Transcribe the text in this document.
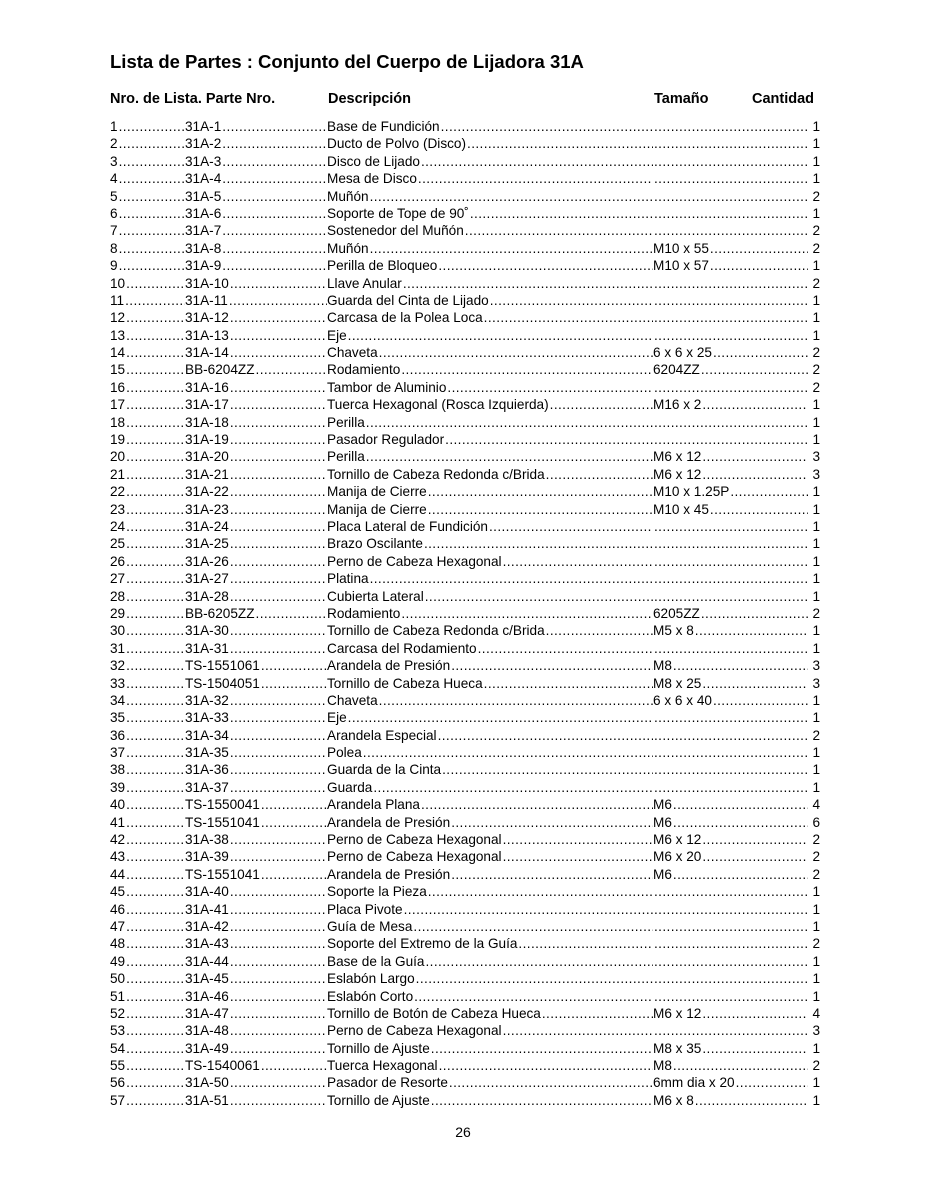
Lista de Partes : Conjunto del Cuerpo de Lijadora 31A
Nro. de Lista. Parte Nro.	Descripción	Tamaño	Cantidad
1 .....	31A-1 .....	Base de Fundición ..... .....	1
2 .....	31A-2 .....	Ducto de Polvo (Disco) ..... .....	1
3 .....	31A-3 .....	Disco de Lijado ..... .....	1
4 .....	31A-4 .....	Mesa de Disco ..... .....	1
5 .....	31A-5 .....	Muñón ..... .....	2
6 .....	31A-6 .....	Soporte de Tope de 90˚ ..... .....	1
7 .....	31A-7 .....	Sostenedor del Muñón ..... .....	2
8 .....	31A-8 .....	Muñón .....	M10 x 55 .....	2
9 .....	31A-9 .....	Perilla de Bloqueo .....	M10 x 57 .....	1
10 .....	31A-10 .....	Llave Anular ..... .....	2
11 .....	31A-11 .....	Guarda del Cinta de Lijado ..... .....	1
12 .....	31A-12 .....	Carcasa de la Polea Loca ..... .....	1
13 .....	31A-13 .....	Eje ..... .....	1
14 .....	31A-14 .....	Chaveta .....	6 x 6 x 25 .....	2
15 .....	BB-6204ZZ .....	Rodamiento .....	6204ZZ .....	2
16 .....	31A-16 .....	Tambor de Aluminio ..... .....	2
17 .....	31A-17 .....	Tuerca Hexagonal (Rosca Izquierda) .....	M16 x 2 .....	1
18 .....	31A-18 .....	Perilla ..... .....	1
19 .....	31A-19 .....	Pasador Regulador ..... .....	1
20 .....	31A-20 .....	Perilla .....	M6 x 12 .....	3
21 .....	31A-21 .....	Tornillo de Cabeza Redonda c/Brida .....	M6 x 12 .....	3
22 .....	31A-22 .....	Manija de Cierre .....	M10 x 1.25P .....	1
23 .....	31A-23 .....	Manija de Cierre .....	M10 x 45 .....	1
24 .....	31A-24 .....	Placa Lateral de Fundición ..... .....	1
25 .....	31A-25 .....	Brazo Oscilante ..... .....	1
26 .....	31A-26 .....	Perno de Cabeza Hexagonal ..... .....	1
27 .....	31A-27 .....	Platina ..... .....	1
28 .....	31A-28 .....	Cubierta Lateral ..... .....	1
29 .....	BB-6205ZZ .....	Rodamiento .....	6205ZZ .....	2
30 .....	31A-30 .....	Tornillo de Cabeza Redonda c/Brida .....	M5 x 8 .....	1
31 .....	31A-31 .....	Carcasa del Rodamiento ..... .....	1
32 .....	TS-1551061 .....	Arandela de Presión .....	M8 .....	3
33 .....	TS-1504051 .....	Tornillo de Cabeza Hueca .....	M8 x 25 .....	3
34 .....	31A-32 .....	Chaveta .....	6 x 6 x 40 .....	1
35 .....	31A-33 .....	Eje ..... .....	1
36 .....	31A-34 .....	Arandela Especial ..... .....	2
37 .....	31A-35 .....	Polea ..... .....	1
38 .....	31A-36 .....	Guarda de la Cinta ..... .....	1
39 .....	31A-37 .....	Guarda ..... .....	1
40 .....	TS-1550041 .....	Arandela Plana .....	M6 .....	4
41 .....	TS-1551041 .....	Arandela de Presión .....	M6 .....	6
42 .....	31A-38 .....	Perno de Cabeza Hexagonal .....	M6 x 12 .....	2
43 .....	31A-39 .....	Perno de Cabeza Hexagonal .....	M6 x 20 .....	2
44 .....	TS-1551041 .....	Arandela de Presión .....	M6 .....	2
45 .....	31A-40 .....	Soporte la Pieza ..... .....	1
46 .....	31A-41 .....	Placa Pivote ..... .....	1
47 .....	31A-42 .....	Guía de Mesa ..... .....	1
48 .....	31A-43 .....	Soporte del Extremo de la Guía ..... .....	2
49 .....	31A-44 .....	Base de la Guía ..... .....	1
50 .....	31A-45 .....	Eslabón Largo ..... .....	1
51 .....	31A-46 .....	Eslabón Corto ..... .....	1
52 .....	31A-47 .....	Tornillo de Botón de Cabeza Hueca .....	M6 x 12 .....	4
53 .....	31A-48 .....	Perno de Cabeza Hexagonal ..... .....	3
54 .....	31A-49 .....	Tornillo de Ajuste .....	M8 x 35 .....	1
55 .....	TS-1540061 .....	Tuerca Hexagonal .....	M8 .....	2
56 .....	31A-50 .....	Pasador de Resorte .....	6mm dia x 20 .....	1
57 .....	31A-51 .....	Tornillo de Ajuste .....	M6 x 8 .....	1
26
